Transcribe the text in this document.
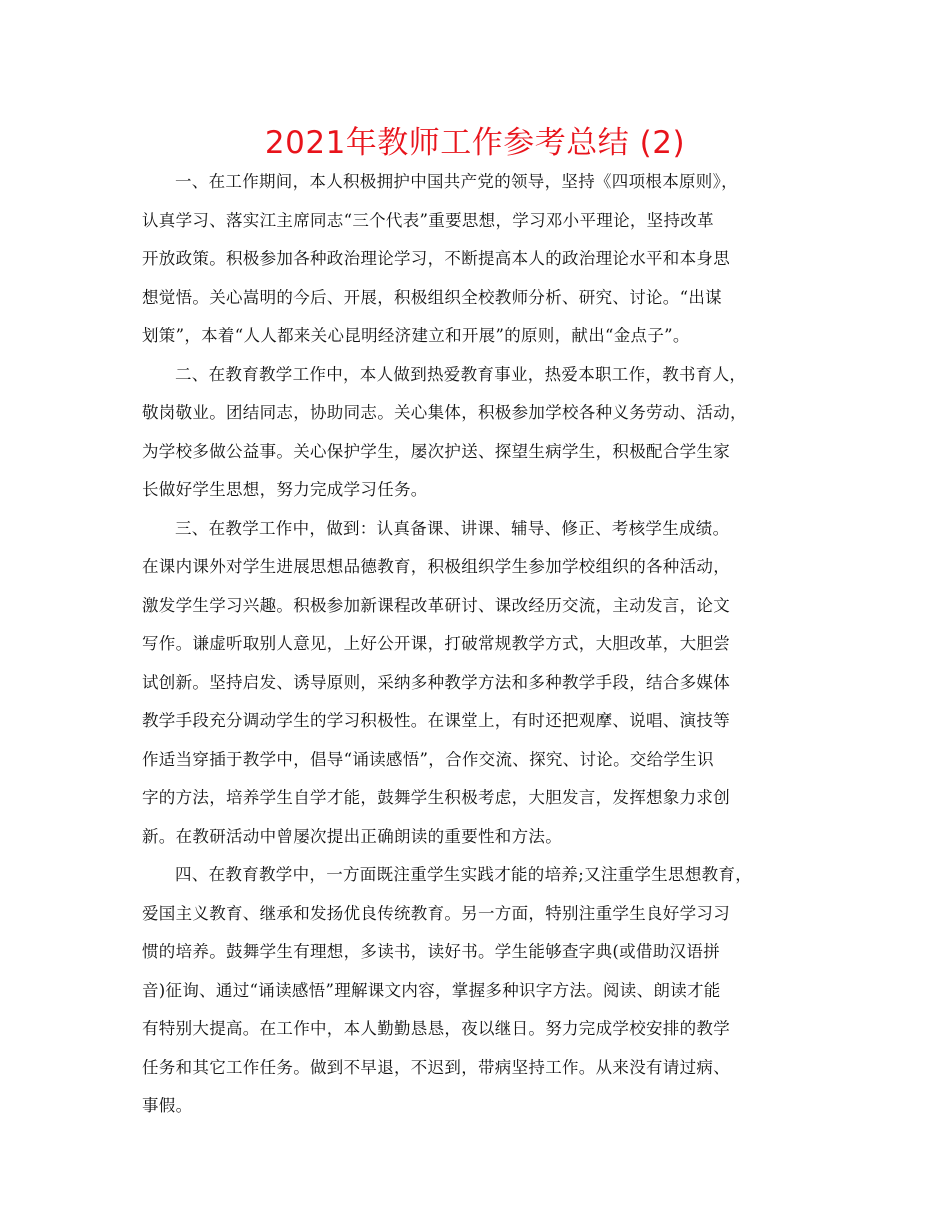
2021年教师工作参考总结 (2)
一、在工作期间，本人积极拥护中国共产党的领导，坚持《四项根本原则》，
认真学习、落实江主席同志“三个代表”重要思想，学习邓小平理论，坚持改革
开放政策。积极参加各种政治理论学习，不断提高本人的政治理论水平和本身思
想觉悟。关心嵩明的今后、开展，积极组织全校教师分析、研究、讨论。“出谋
划策”，本着“人人都来关心昆明经济建立和开展”的原则，献出“金点子”。
二、在教育教学工作中，本人做到热爱教育事业，热爱本职工作，教书育人，
敬岗敬业。团结同志，协助同志。关心集体，积极参加学校各种义务劳动、活动，
为学校多做公益事。关心保护学生，屡次护送、探望生病学生，积极配合学生家
长做好学生思想，努力完成学习任务。
三、在教学工作中，做到：认真备课、讲课、辅导、修正、考核学生成绩。
在课内课外对学生进展思想品德教育，积极组织学生参加学校组织的各种活动，
激发学生学习兴趣。积极参加新课程改革研讨、课改经历交流，主动发言，论文
写作。谦虚听取别人意见，上好公开课，打破常规教学方式，大胆改革，大胆尝
试创新。坚持启发、诱导原则，采纳多种教学方法和多种教学手段，结合多媒体
教学手段充分调动学生的学习积极性。在课堂上，有时还把观摩、说唱、演技等
作适当穿插于教学中，倡导“诵读感悟”，合作交流、探究、讨论。交给学生识
字的方法，培养学生自学才能，鼓舞学生积极考虑，大胆发言，发挥想象力求创
新。在教研活动中曾屡次提出正确朗读的重要性和方法。
四、在教育教学中，一方面既注重学生实践才能的培养;又注重学生思想教育，
爱国主义教育、继承和发扬优良传统教育。另一方面，特别注重学生良好学习习
惯的培养。鼓舞学生有理想，多读书，读好书。学生能够查字典(或借助汉语拼
音)征询、通过“诵读感悟”理解课文内容，掌握多种识字方法。阅读、朗读才能
有特别大提高。在工作中，本人勤勤恳恳，夜以继日。努力完成学校安排的教学
任务和其它工作任务。做到不早退，不迟到，带病坚持工作。从来没有请过病、
事假。
